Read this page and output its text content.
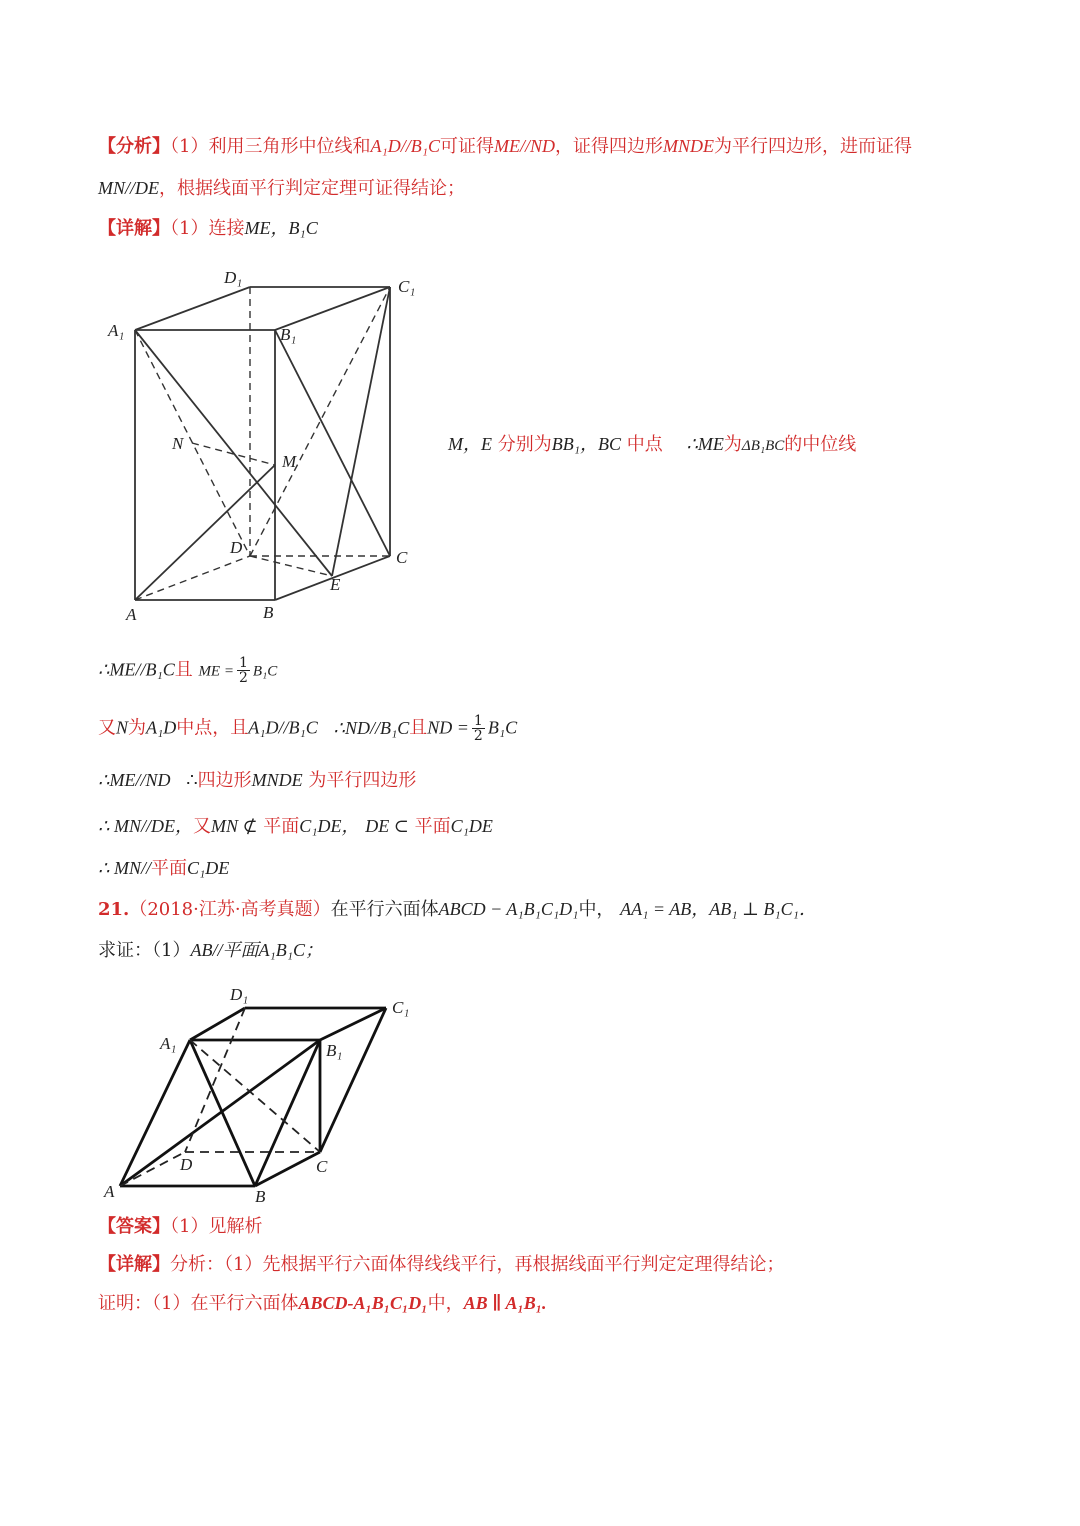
【分析】（1）利用三角形中位线和A₁D//B₁C可证得ME//ND，证得四边形MNDE为平行四边形，进而证得
MN//DE，根据线面平行判定定理可证得结论；
【详解】（1）连接ME，B₁C
D₁	C₁
A₁	B₁
N
M
D
C
E
A	B
M，E 分别为BB₁，BC 中点 ∴ME为ΔB₁BC的中位线
∴ME//B₁C且 ME = $\frac{1}{2} B_1C$
又N为A₁D中点，且A₁D//B₁C ∴ND//B₁C且ND = $\frac{1}{2} B_1C$
∴ME//ND ∴四边形MNDE 为平行四边形
∴ MN//DE，又MN ⊄ 平面C₁DE， DE ⊂ 平面C₁DE
∴ MN//平面C₁DE
21.（2018·江苏·高考真题）在平行六面体ABCD − A₁B₁C₁D₁中， AA₁ = AB，AB₁ ⊥ B₁C₁．
求证：（1）AB//平面A₁B₁C；
D₁
C₁
A₁	B₁
D	C
A	B
【答案】（1）见解析
【详解】分析：（1）先根据平行六面体得线线平行，再根据线面平行判定定理得结论；
证明：（1）在平行六面体ABCD-A₁B₁C₁D₁中，AB ∥ A₁B₁.
